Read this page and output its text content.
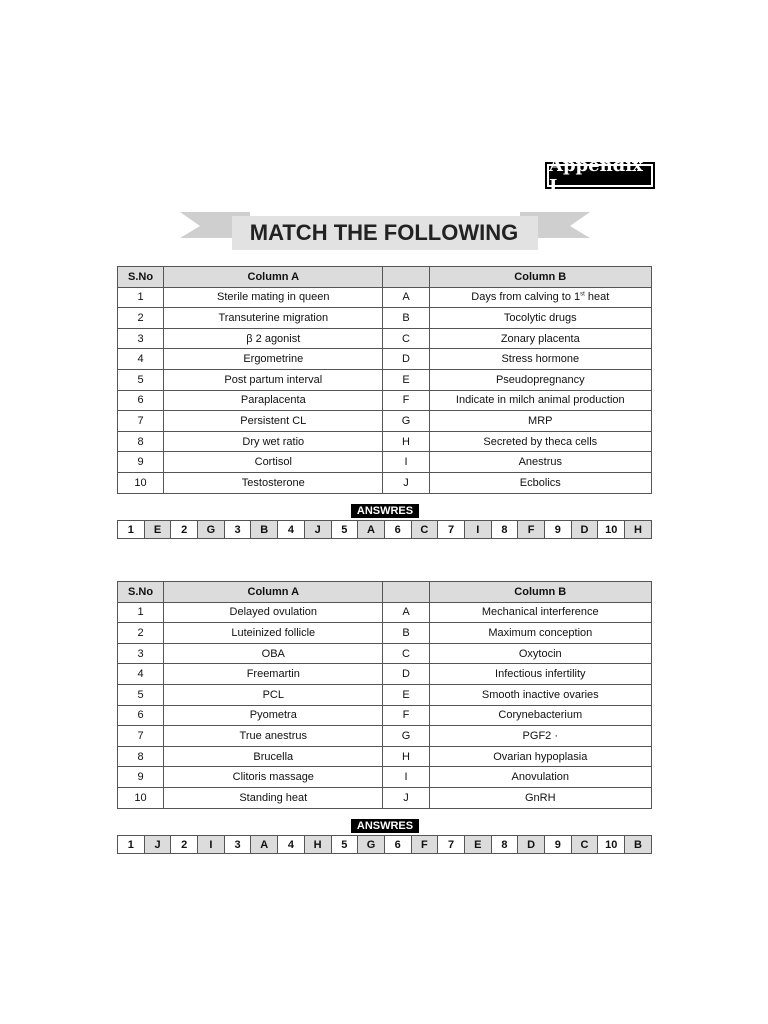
Appendix I
MATCH THE FOLLOWING
S.No	Column A		Column B
1	Sterile mating in queen	A	Days from calving to 1st heat
2	Transuterine migration	B	Tocolytic drugs
3	β 2 agonist	C	Zonary placenta
4	Ergometrine	D	Stress hormone
5	Post partum interval	E	Pseudopregnancy
6	Paraplacenta	F	Indicate in milch animal production
7	Persistent CL	G	MRP
8	Dry wet ratio	H	Secreted by theca cells
9	Cortisol	I	Anestrus
10	Testosterone	J	Ecbolics
ANSWRES
1	E	2	G	3	B	4	J	5	A	6	C	7	I	8	F	9	D	10	H
S.No	Column A		Column B
1	Delayed ovulation	A	Mechanical interference
2	Luteinized follicle	B	Maximum conception
3	OBA	C	Oxytocin
4	Freemartin	D	Infectious infertility
5	PCL	E	Smooth inactive ovaries
6	Pyometra	F	Corynebacterium
7	True anestrus	G	PGF2 ·
8	Brucella	H	Ovarian hypoplasia
9	Clitoris massage	I	Anovulation
10	Standing heat	J	GnRH
ANSWRES
1	J	2	I	3	A	4	H	5	G	6	F	7	E	8	D	9	C	10	B
